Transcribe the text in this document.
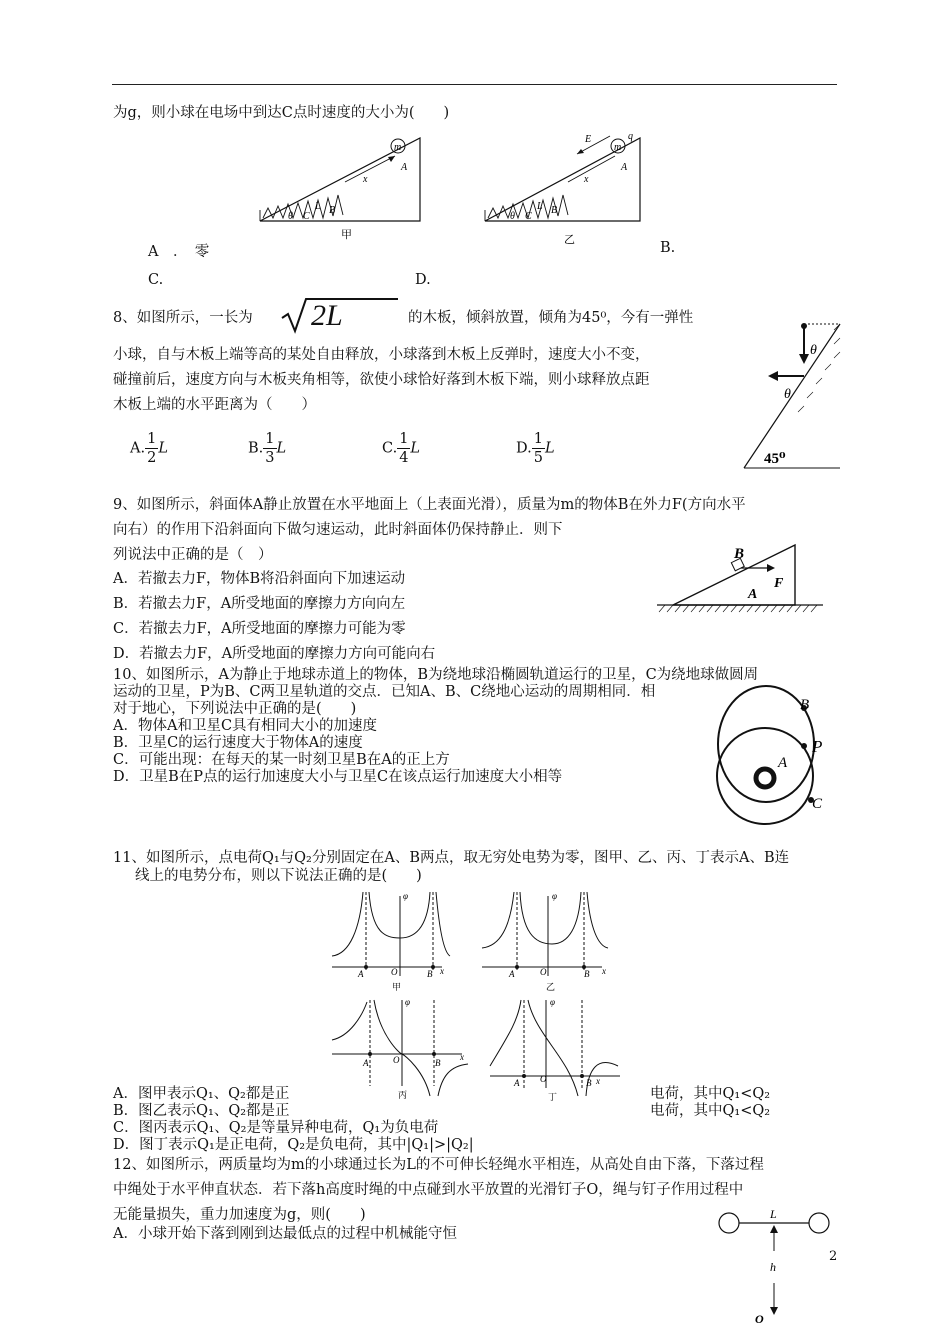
为g，则小球在电场中到达C点时速度的大小为(　　)
m
A
x
L B
C
θ
甲
m
q
E
A
x
L B
C
θ
乙
A　．　零	B.
C.	D.
8、如图所示，一长为 2L	的木板，倾斜放置，倾角为45⁰，今有一弹性
小球，自与木板上端等高的某处自由释放，小球落到木板上反弹时，速度大小不变，
碰撞前后，速度方向与木板夹角相等，欲使小球恰好落到木板下端，则小球释放点距
木板上端的水平距离为（　　）
A. $\frac{1}{2}L$	B. $\frac{1}{3}L$	C. $\frac{1}{4}L$	D. $\frac{1}{5}L$
θ
θ
45⁰
9、如图所示，斜面体A静止放置在水平地面上（上表面光滑），质量为m的物体B在外力F(方向水平
向右）的作用下沿斜面向下做匀速运动，此时斜面体仍保持静止．则下
列说法中正确的是（　）
A．若撤去力F，物体B将沿斜面向下加速运动
B．若撤去力F，A所受地面的摩擦力方向向左
C．若撤去力F，A所受地面的摩擦力可能为零
D．若撤去力F，A所受地面的摩擦力方向可能向右
B
F
A
10、如图所示，A为静止于地球赤道上的物体，B为绕地球沿椭圆轨道运行的卫星，C为绕地球做圆周
运动的卫星，P为B、C两卫星轨道的交点．已知A、B、C绕地心运动的周期相同．相
对于地心，下列说法中正确的是(　　)
A．物体A和卫星C具有相同大小的加速度
B．卫星C的运行速度大于物体A的速度
C．可能出现：在每天的某一时刻卫星B在A的正上方
D．卫星B在P点的运行加速度大小与卫星C在该点运行加速度大小相等
B
P
A
C
11、如图所示，点电荷Q₁与Q₂分别固定在A、B两点，取无穷处电势为零，图甲、乙、丙、丁表示A、B连
线上的电势分布，则以下说法正确的是(　　)
φ
A	O	B x
甲
φ
A	O	B x
乙
φ
A	O	B
x
丙
φ
A O	B x
丁
A．图甲表示Q₁、Q₂都是正	电荷，其中Q₁<Q₂
B．图乙表示Q₁、Q₂都是正	电荷，其中Q₁<Q₂
C．图丙表示Q₁、Q₂是等量异种电荷，Q₁为负电荷
D．图丁表示Q₁是正电荷，Q₂是负电荷，其中|Q₁|>|Q₂|
12、如图所示，两质量均为m的小球通过长为L的不可伸长轻绳水平相连，从高处自由下落，下落过程
中绳处于水平伸直状态．若下落h高度时绳的中点碰到水平放置的光滑钉子O，绳与钉子作用过程中
无能量损失，重力加速度为g，则(　　)
A．小球开始下落到刚到达最低点的过程中机械能守恒
L
h
O
2
